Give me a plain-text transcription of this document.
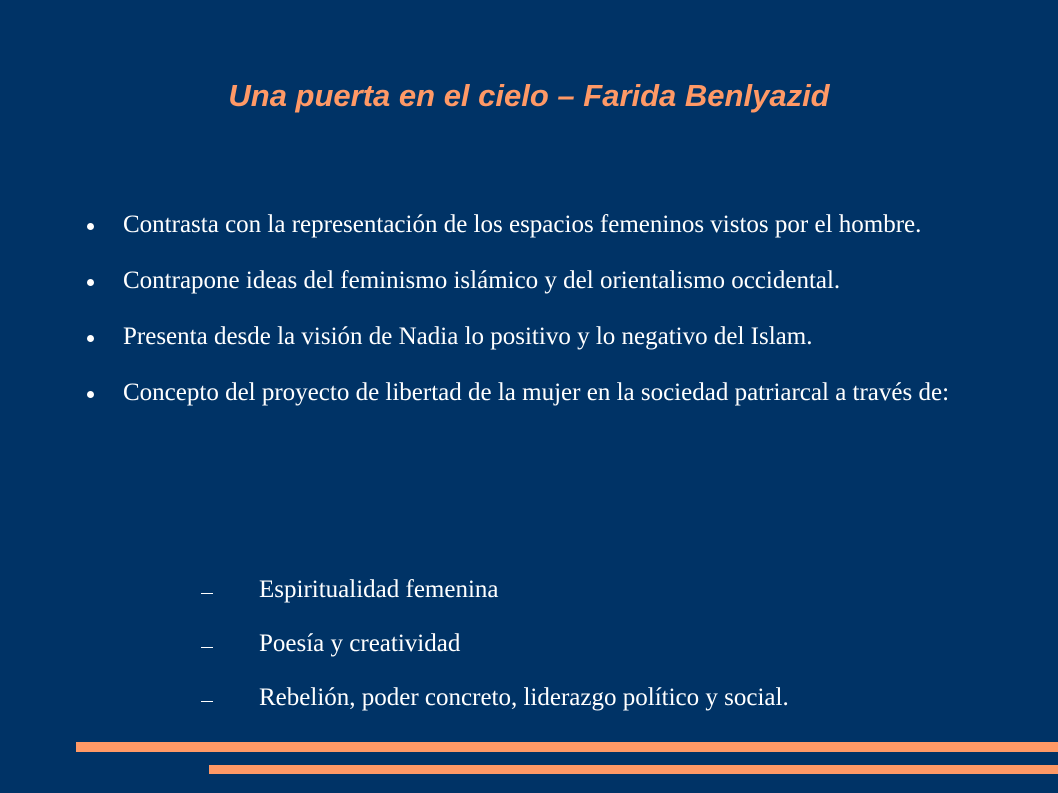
Una puerta en el cielo – Farida Benlyazid
Contrasta con la representación de los espacios femeninos vistos por el hombre.
Contrapone ideas del feminismo islámico y del orientalismo occidental.
Presenta desde la visión de Nadia lo positivo y lo negativo del Islam.
Concepto del proyecto de libertad de la mujer en la sociedad patriarcal a través de:
Espiritualidad femenina
Poesía y creatividad
Rebelión, poder concreto, liderazgo político y social.
